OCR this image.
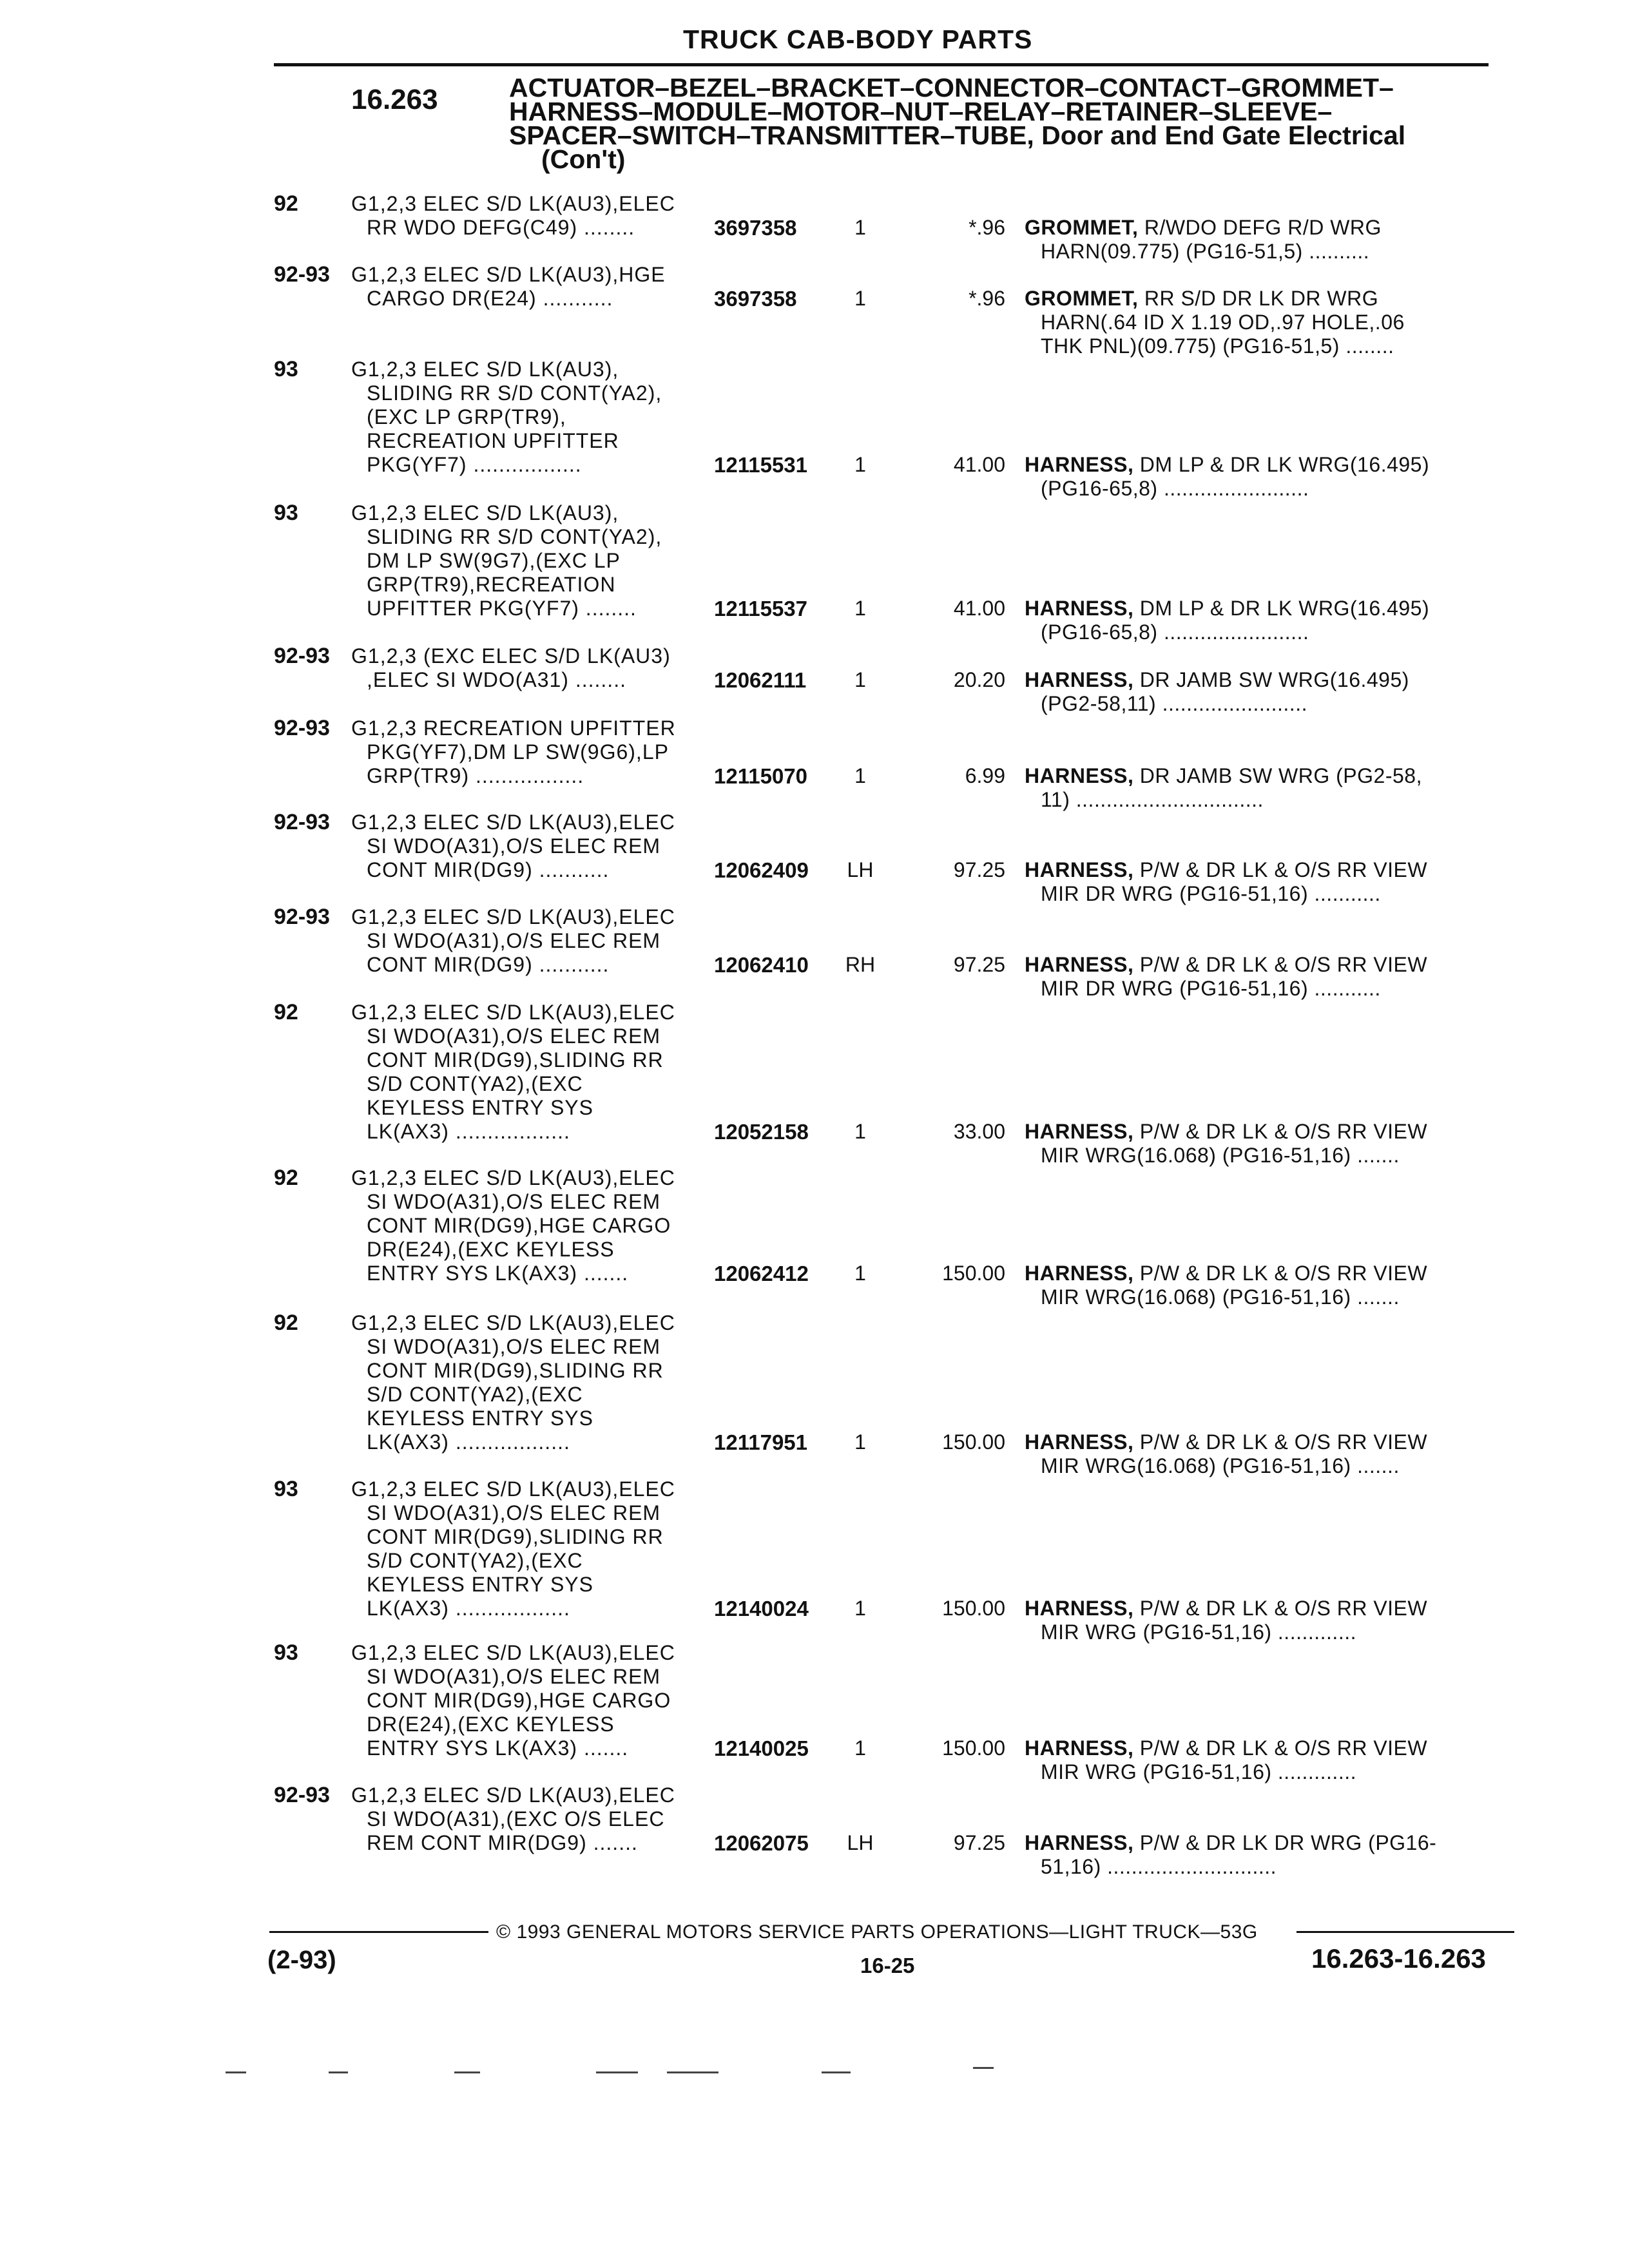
TRUCK CAB-BODY PARTS
16.263	ACTUATOR–BEZEL–BRACKET–CONNECTOR–CONTACT–GROMMET–
HARNESS–MODULE–MOTOR–NUT–RELAY–RETAINER–SLEEVE–
SPACER–SWITCH–TRANSMITTER–TUBE, Door and End Gate Electrical
(Con't)
92	G1,2,3 ELEC S/D LK(AU3),ELEC
RR WDO DEFG(C49) ........	3697358	1	*.96 GROMMET, R/WDO DEFG R/D WRG
HARN(09.775) (PG16-51,5) ..........
92-93	G1,2,3 ELEC S/D LK(AU3),HGE
CARGO DR(E24) ...........	3697358	1	*.96 GROMMET, RR S/D DR LK DR WRG
HARN(.64 ID X 1.19 OD,.97 HOLE,.06
THK PNL)(09.775) (PG16-51,5) ........
93	G1,2,3 ELEC S/D LK(AU3),
SLIDING RR S/D CONT(YA2),
(EXC LP GRP(TR9),
RECREATION UPFITTER
PKG(YF7) .................	12115531	1	41.00 HARNESS, DM LP & DR LK WRG(16.495)
(PG16-65,8) ........................
93	G1,2,3 ELEC S/D LK(AU3),
SLIDING RR S/D CONT(YA2),
DM LP SW(9G7),(EXC LP
GRP(TR9),RECREATION
UPFITTER PKG(YF7) ........	12115537	1	41.00 HARNESS, DM LP & DR LK WRG(16.495)
(PG16-65,8) ........................
92-93	G1,2,3 (EXC ELEC S/D LK(AU3)
,ELEC SI WDO(A31) ........	12062111	1	20.20 HARNESS, DR JAMB SW WRG(16.495)
(PG2-58,11) ........................
92-93	G1,2,3 RECREATION UPFITTER
PKG(YF7),DM LP SW(9G6),LP
GRP(TR9) .................	12115070	1	6.99 HARNESS, DR JAMB SW WRG (PG2-58,
11) ...............................
92-93	G1,2,3 ELEC S/D LK(AU3),ELEC
SI WDO(A31),O/S ELEC REM
CONT MIR(DG9) ...........	12062409	LH	97.25 HARNESS, P/W & DR LK & O/S RR VIEW
MIR DR WRG (PG16-51,16) ...........
92-93	G1,2,3 ELEC S/D LK(AU3),ELEC
SI WDO(A31),O/S ELEC REM
CONT MIR(DG9) ...........	12062410	RH	97.25 HARNESS, P/W & DR LK & O/S RR VIEW
MIR DR WRG (PG16-51,16) ...........
92	G1,2,3 ELEC S/D LK(AU3),ELEC
SI WDO(A31),O/S ELEC REM
CONT MIR(DG9),SLIDING RR
S/D CONT(YA2),(EXC
KEYLESS ENTRY SYS
LK(AX3) ..................	12052158	1	33.00 HARNESS, P/W & DR LK & O/S RR VIEW
MIR WRG(16.068) (PG16-51,16) .......
92	G1,2,3 ELEC S/D LK(AU3),ELEC
SI WDO(A31),O/S ELEC REM
CONT MIR(DG9),HGE CARGO
DR(E24),(EXC KEYLESS
ENTRY SYS LK(AX3) .......	12062412	1	150.00 HARNESS, P/W & DR LK & O/S RR VIEW
MIR WRG(16.068) (PG16-51,16) .......
92	G1,2,3 ELEC S/D LK(AU3),ELEC
SI WDO(A31),O/S ELEC REM
CONT MIR(DG9),SLIDING RR
S/D CONT(YA2),(EXC
KEYLESS ENTRY SYS
LK(AX3) ..................	12117951	1	150.00 HARNESS, P/W & DR LK & O/S RR VIEW
MIR WRG(16.068) (PG16-51,16) .......
93	G1,2,3 ELEC S/D LK(AU3),ELEC
SI WDO(A31),O/S ELEC REM
CONT MIR(DG9),SLIDING RR
S/D CONT(YA2),(EXC
KEYLESS ENTRY SYS
LK(AX3) ..................	12140024	1	150.00 HARNESS, P/W & DR LK & O/S RR VIEW
MIR WRG (PG16-51,16) .............
93	G1,2,3 ELEC S/D LK(AU3),ELEC
SI WDO(A31),O/S ELEC REM
CONT MIR(DG9),HGE CARGO
DR(E24),(EXC KEYLESS
ENTRY SYS LK(AX3) .......	12140025	1	150.00 HARNESS, P/W & DR LK & O/S RR VIEW
MIR WRG (PG16-51,16) .............
92-93	G1,2,3 ELEC S/D LK(AU3),ELEC
SI WDO(A31),(EXC O/S ELEC
REM CONT MIR(DG9) .......	12062075	LH	97.25 HARNESS, P/W & DR LK DR WRG (PG16-
51,16) ............................
© 1993 GENERAL MOTORS SERVICE PARTS OPERATIONS—LIGHT TRUCK—53G
(2-93)	16-25	16.263-16.263
